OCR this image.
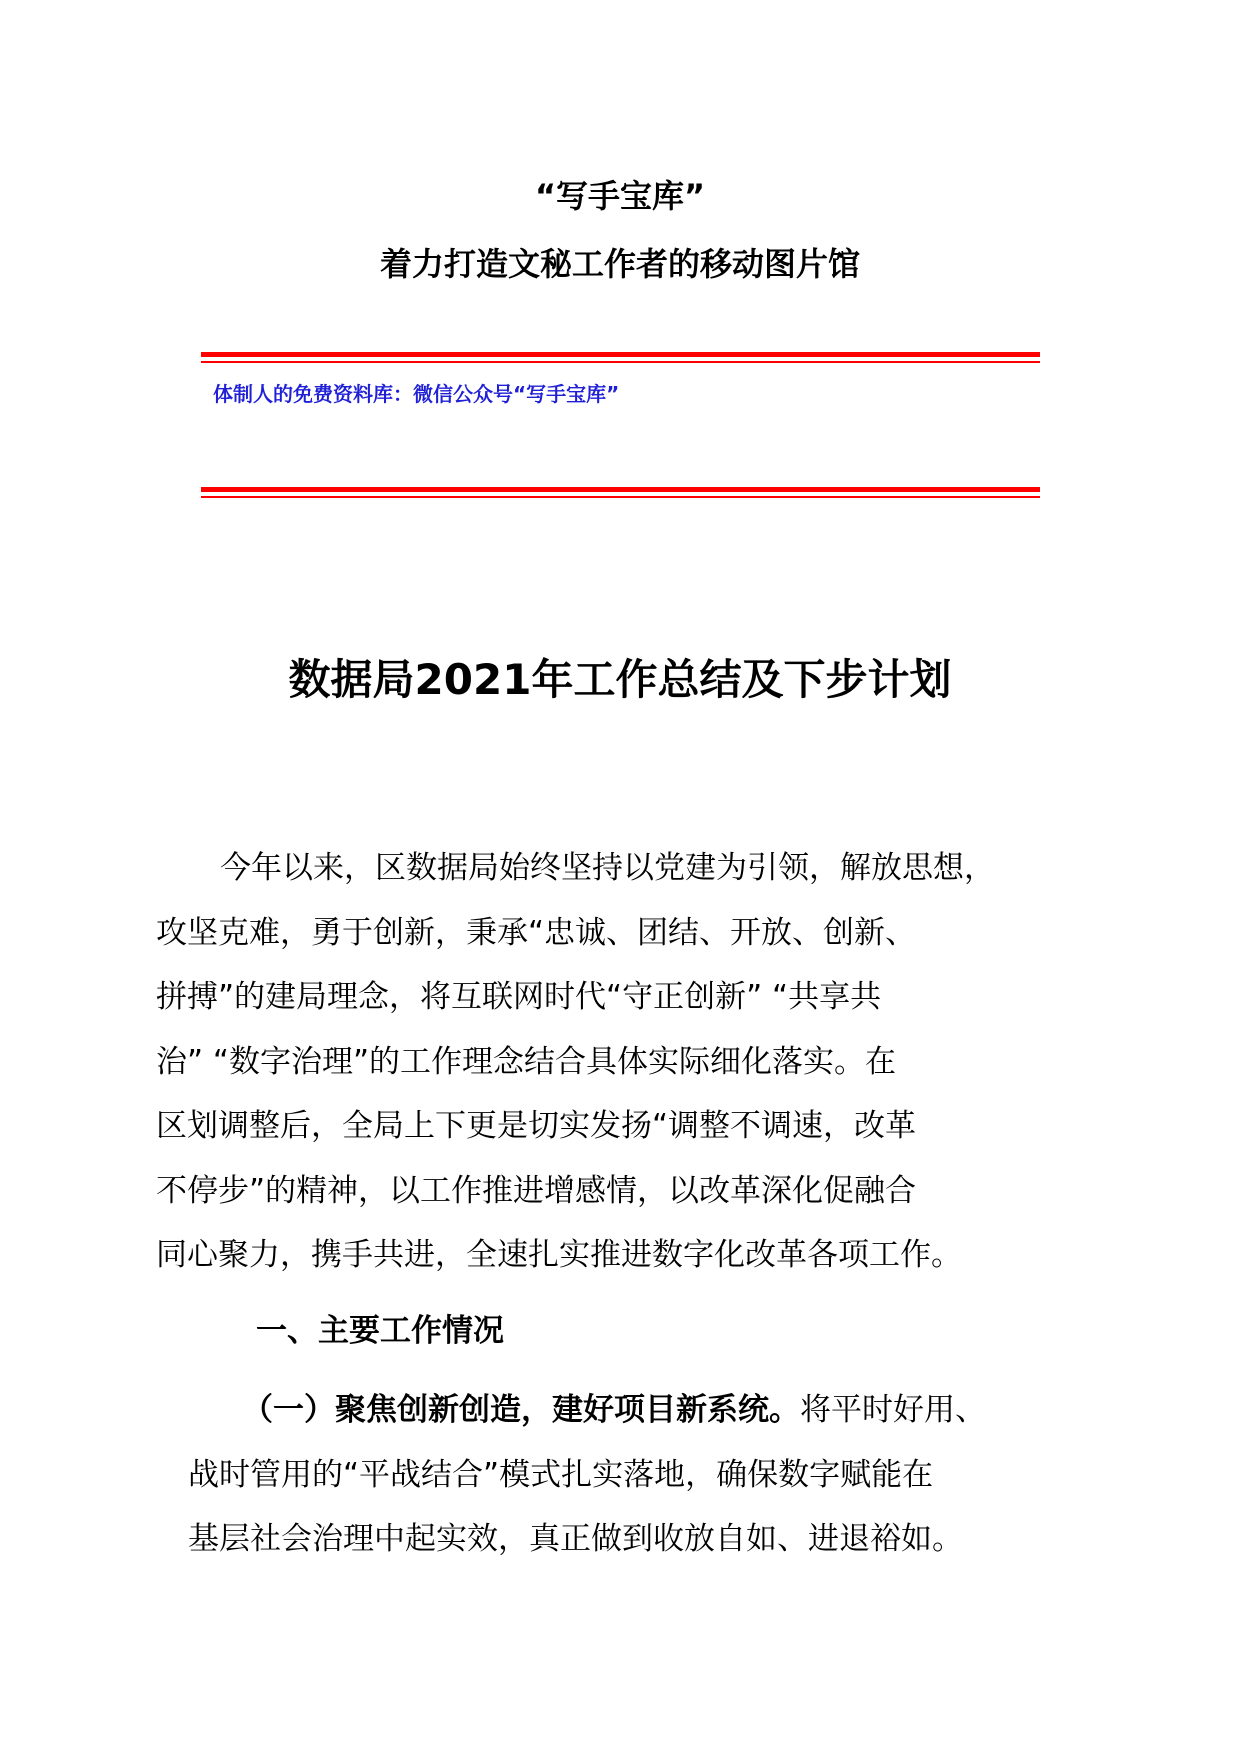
“写手宝库”
着力打造文秘工作者的移动图片馆
体制人的免费资料库：微信公众号“写手宝库”
数据局2021年工作总结及下步计划
今年以来，区数据局始终坚持以党建为引领，解放思想，
攻坚克难，勇于创新，秉承“忠诚、团结、开放、创新、
拼搏”的建局理念，将互联网时代“守正创新” “共享共
治” “数字治理”的工作理念结合具体实际细化落实。在
区划调整后，全局上下更是切实发扬“调整不调速，改革
不停步”的精神，以工作推进增感情，以改革深化促融合
同心聚力，携手共进，全速扎实推进数字化改革各项工作。
一、主要工作情况
（一）聚焦创新创造，建好项目新系统。将平时好用、
战时管用的“平战结合”模式扎实落地，确保数字赋能在
基层社会治理中起实效，真正做到收放自如、进退裕如。
